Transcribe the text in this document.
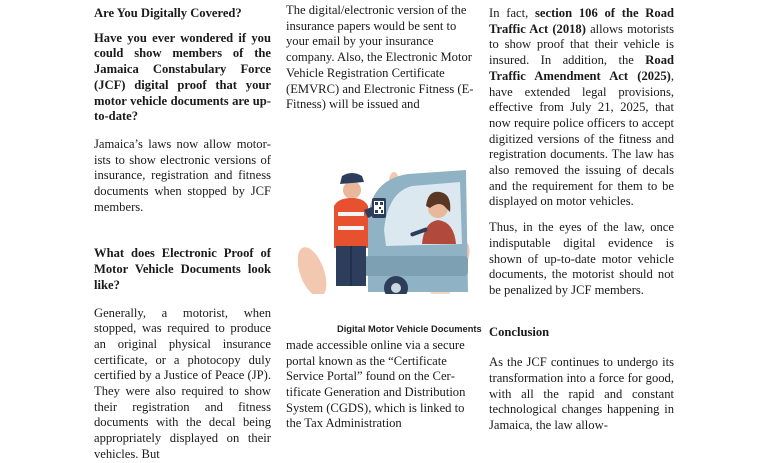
Are You Digitally Covered?

Have you ever wondered if you could show members of the Jamaica Constabulary Force (JCF) digital proof that your motor vehicle documents are up-to-date?

Jamaica’s laws now allow motorists to show electronic versions of insurance, registration and fitness documents when stopped by JCF members.

What does Electronic Proof of Motor Vehicle Documents look like?

Generally, a motorist, when stopped, was required to produce an original physical insurance certificate, or a photocopy duly certified by a Justice of Peace (JP). They were also required to show their registration and fitness documents with the decal being appropriately displayed on their vehicles. But

The digital/electronic version of the insurance papers would be sent to your email by your insurance company. Also, the Electronic Motor Vehicle Registration Certificate (EMVRC) and Electronic Fitness (E-Fitness) will be issued and

made accessible online via a secure portal known as the “Certificate Service Portal” found on the Certificate Generation and Distribution System (CGDS), which is linked to the Tax Administration

Digital Motor Vehicle Documents

In fact, section 106 of the Road Traffic Act (2018) allows motorists to show proof that their vehicle is insured. In addition, the Road Traffic Amendment Act (2025), have extended legal provisions, effective from July 21, 2025, that now require police officers to accept digitized versions of the fitness and registration documents. The law has also removed the issuing of decals and the requirement for them to be displayed on motor vehicles.

Thus, in the eyes of the law, once indisputable digital evidence is shown of up-to-date motor vehicle documents, the motorist should not be penalized by JCF members.

Conclusion

As the JCF continues to undergo its transformation into a force for good, with all the rapid and constant technological changes happening in Jamaica, the law allow-
